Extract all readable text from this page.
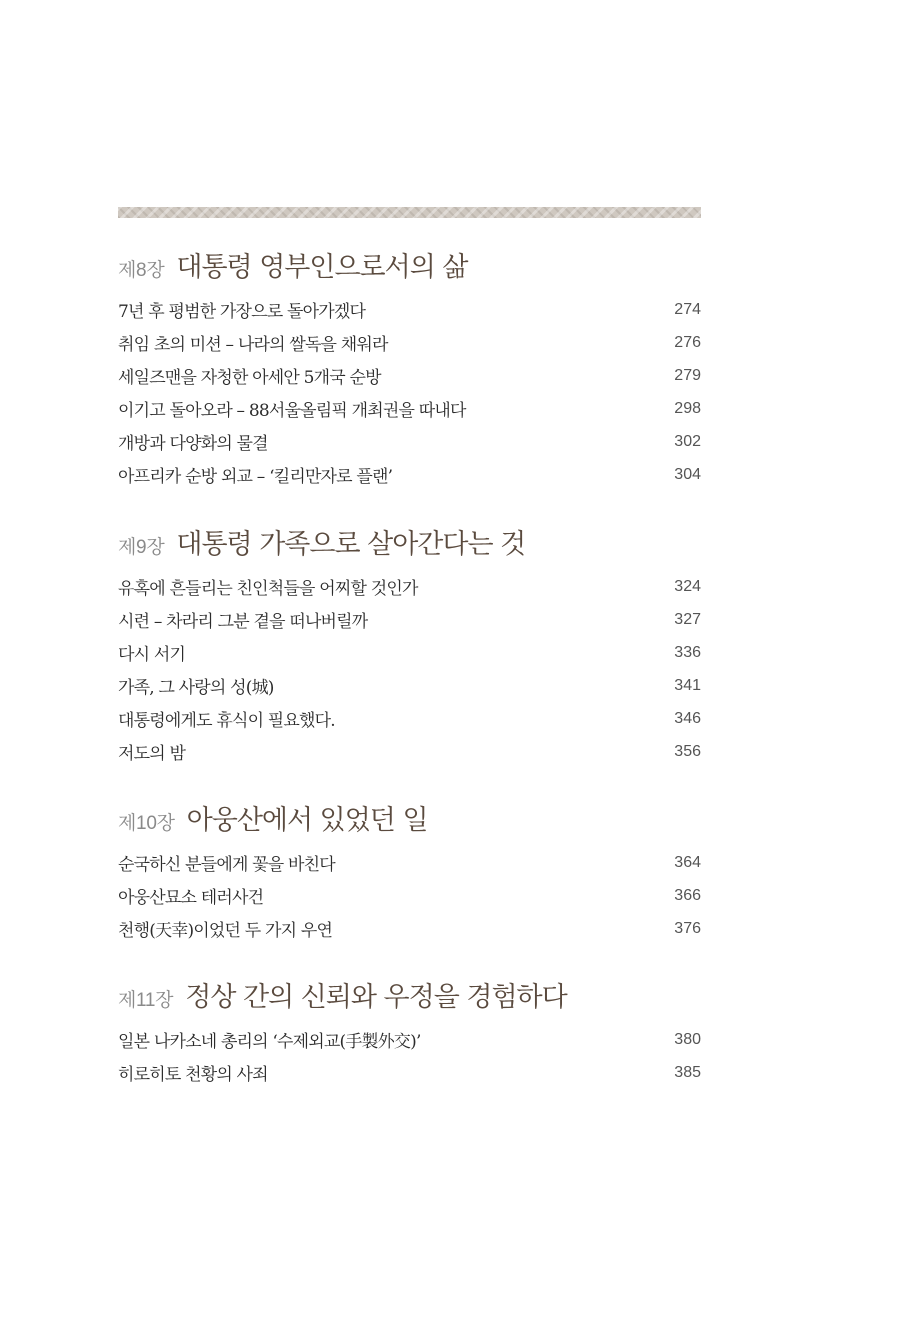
제8장 대통령 영부인으로서의 삶
7년 후 평범한 가장으로 돌아가겠다	274
취임 초의 미션 – 나라의 쌀독을 채워라	276
세일즈맨을 자청한 아세안 5개국 순방	279
이기고 돌아오라 – 88서울올림픽 개최권을 따내다	298
개방과 다양화의 물결	302
아프리카 순방 외교 – ‘킬리만자로 플랜’	304
제9장 대통령 가족으로 살아간다는 것
유혹에 흔들리는 친인척들을 어찌할 것인가	324
시련 – 차라리 그분 곁을 떠나버릴까	327
다시 서기	336
가족, 그 사랑의 성(城)	341
대통령에게도 휴식이 필요했다.	346
저도의 밤	356
제10장 아웅산에서 있었던 일
순국하신 분들에게 꽃을 바친다	364
아웅산묘소 테러사건	366
천행(天幸)이었던 두 가지 우연	376
제11장 정상 간의 신뢰와 우정을 경험하다
일본 나카소네 총리의 ‘수제외교(手製外交)’	380
히로히토 천황의 사죄	385
